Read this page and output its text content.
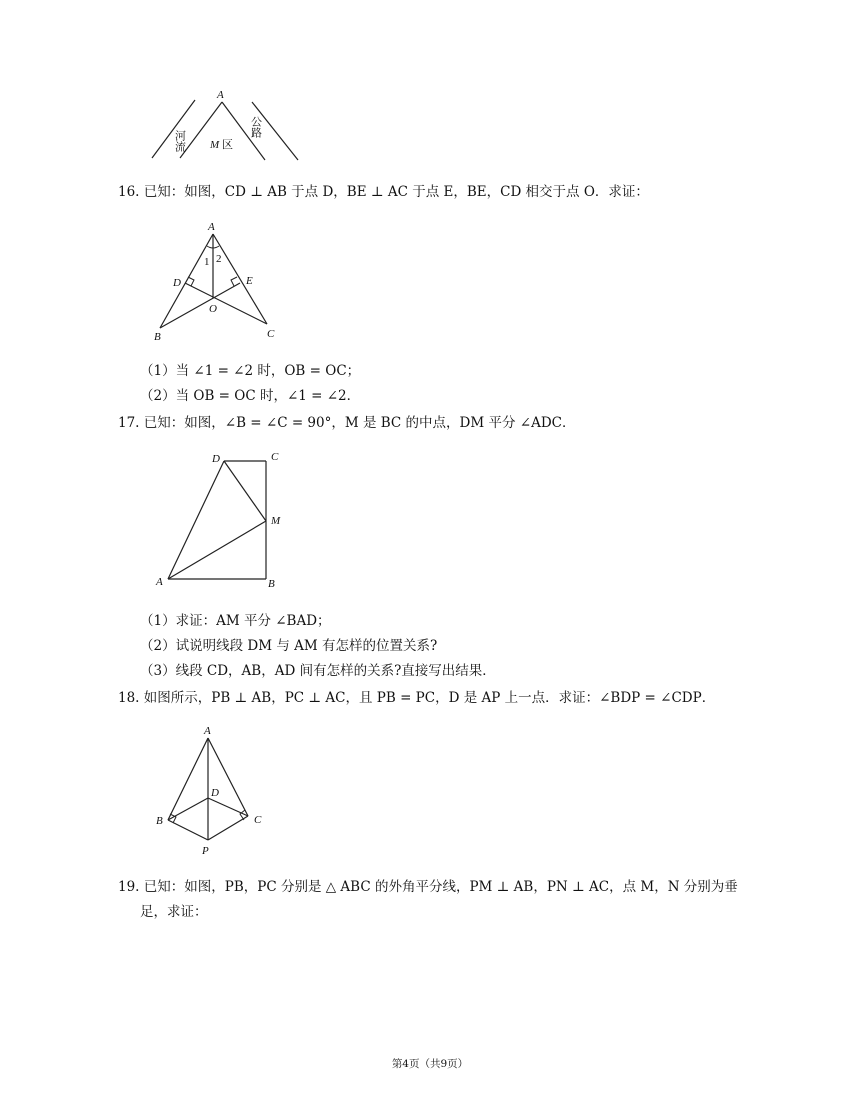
A
河流
公路
M 区
16. 已知：如图，CD ⊥ AB 于点 D，BE ⊥ AC 于点 E，BE，CD 相交于点 O．求证：
A
B	C
D	E
O
1 2
（1）当 ∠1 = ∠2 时，OB = OC；
（2）当 OB = OC 时，∠1 = ∠2．
17. 已知：如图，∠B = ∠C = 90°，M 是 BC 的中点，DM 平分 ∠ADC．
D	C
M
A	B
（1）求证：AM 平分 ∠BAD；
（2）试说明线段 DM 与 AM 有怎样的位置关系?
（3）线段 CD，AB，AD 间有怎样的关系?直接写出结果．
18. 如图所示，PB ⊥ AB，PC ⊥ AC，且 PB = PC，D 是 AP 上一点．求证：∠BDP = ∠CDP．
A
D
B	C
P
19. 已知：如图，PB，PC 分别是 △ ABC 的外角平分线，PM ⊥ AB，PN ⊥ AC，点 M，N 分别为垂
足，求证：
第4页（共9页）
